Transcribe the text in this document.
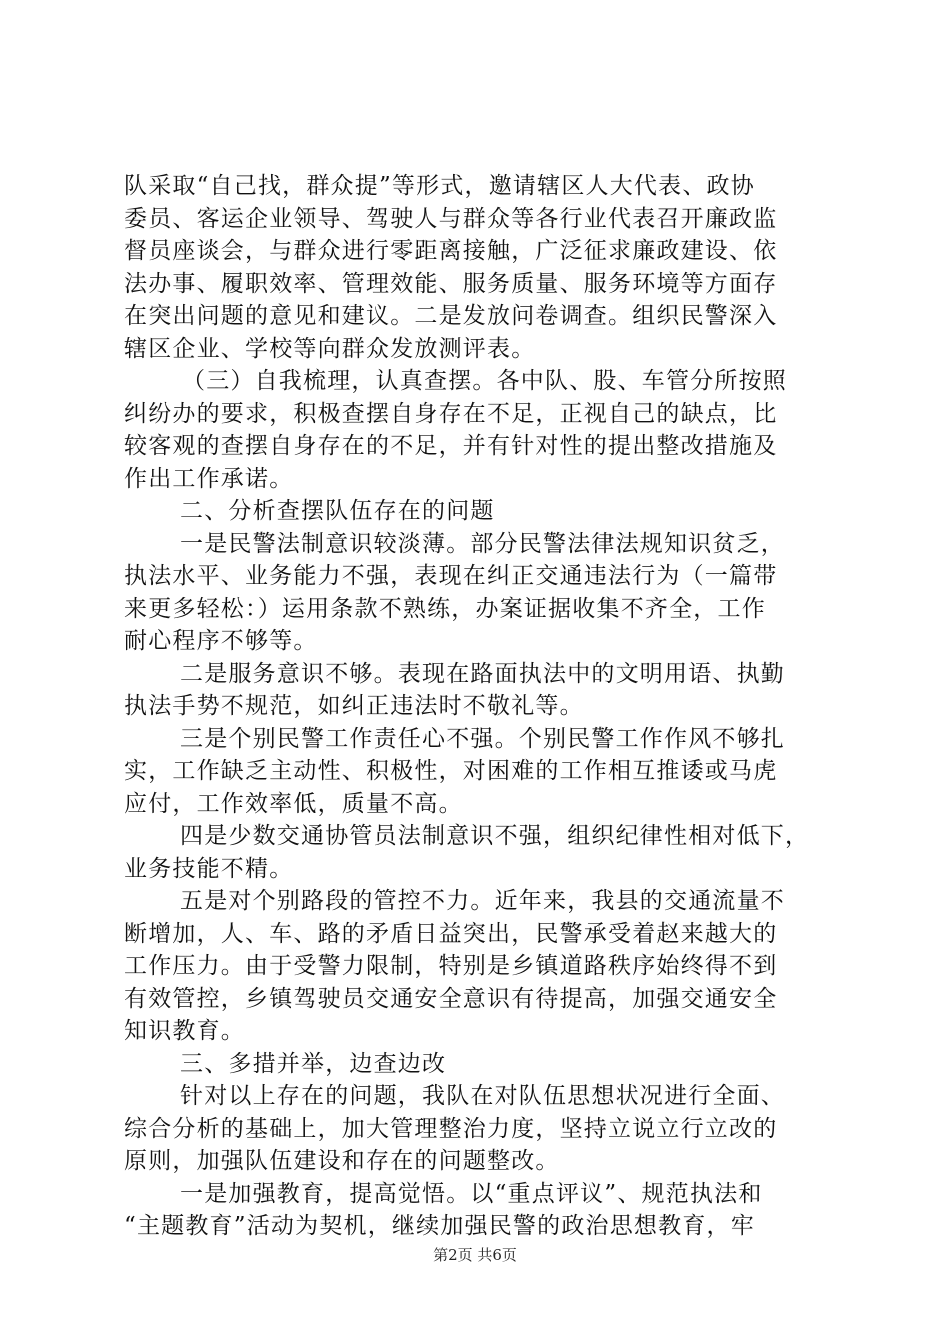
队采取“自己找，群众提”等形式，邀请辖区人大代表、政协
委员、客运企业领导、驾驶人与群众等各行业代表召开廉政监
督员座谈会，与群众进行零距离接触，广泛征求廉政建设、依
法办事、履职效率、管理效能、服务质量、服务环境等方面存
在突出问题的意见和建议。二是发放问卷调查。组织民警深入
辖区企业、学校等向群众发放测评表。
（三）自我梳理，认真查摆。各中队、股、车管分所按照
纠纷办的要求，积极查摆自身存在不足，正视自己的缺点，比
较客观的查摆自身存在的不足，并有针对性的提出整改措施及
作出工作承诺。
二、分析查摆队伍存在的问题
一是民警法制意识较淡薄。部分民警法律法规知识贫乏，
执法水平、业务能力不强，表现在纠正交通违法行为（一篇带
来更多轻松：）运用条款不熟练，办案证据收集不齐全，工作
耐心程序不够等。
二是服务意识不够。表现在路面执法中的文明用语、执勤
执法手势不规范，如纠正违法时不敬礼等。
三是个别民警工作责任心不强。个别民警工作作风不够扎
实，工作缺乏主动性、积极性，对困难的工作相互推诿或马虎
应付，工作效率低，质量不高。
四是少数交通协管员法制意识不强，组织纪律性相对低下，
业务技能不精。
五是对个别路段的管控不力。近年来，我县的交通流量不
断增加，人、车、路的矛盾日益突出，民警承受着赵来越大的
工作压力。由于受警力限制，特别是乡镇道路秩序始终得不到
有效管控，乡镇驾驶员交通安全意识有待提高，加强交通安全
知识教育。
三、多措并举，边查边改
针对以上存在的问题，我队在对队伍思想状况进行全面、
综合分析的基础上，加大管理整治力度，坚持立说立行立改的
原则，加强队伍建设和存在的问题整改。
一是加强教育，提高觉悟。以“重点评议”、规范执法和
“主题教育”活动为契机，继续加强民警的政治思想教育，牢
第2页 共6页
